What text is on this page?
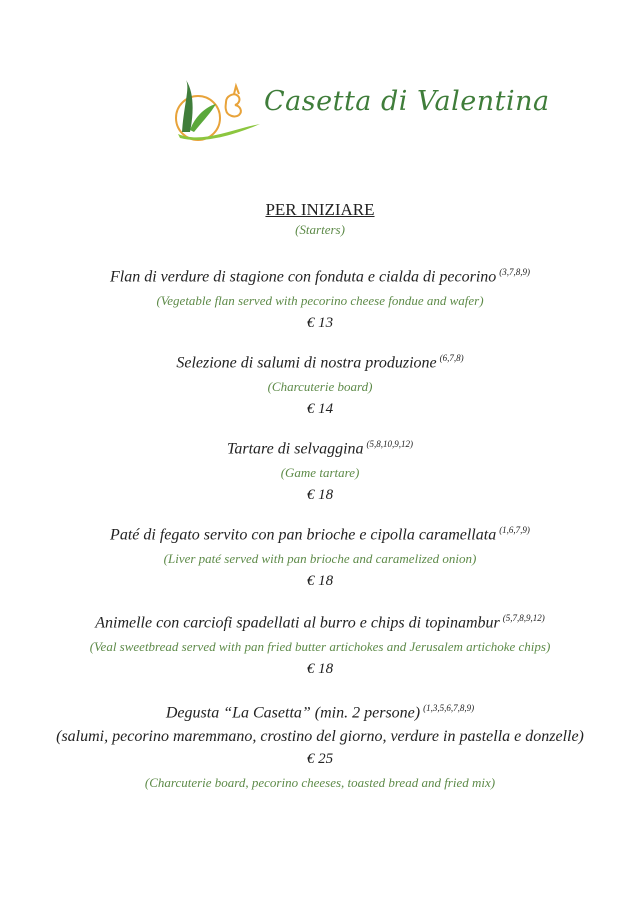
Casetta di Valentina
PER INIZIARE
(Starters)
Flan di verdure di stagione con fonduta e cialda di pecorino $^{(3,7,8,9)}$
(Vegetable flan served with pecorino cheese fondue and wafer)
€ 13
Selezione di salumi di nostra produzione $^{(6,7,8)}$
(Charcuterie board)
€ 14
Tartare di selvaggina $^{(5,8,10,9,12)}$
(Game tartare)
€ 18
Paté di fegato servito con pan brioche e cipolla caramellata $^{(1,6,7,9)}$
(Liver paté served with pan brioche and caramelized onion)
€ 18
Animelle con carciofi spadellati al burro e chips di topinambur $^{(5,7,8,9,12)}$
(Veal sweetbread served with pan fried butter artichokes and Jerusalem artichoke chips)
€ 18
Degusta “La Casetta” (min. 2 persone) $^{(1,3,5,6,7,8,9)}$
(salumi, pecorino maremmano, crostino del giorno, verdure in pastella e donzelle)
€ 25
(Charcuterie board, pecorino cheeses, toasted bread and fried mix)
